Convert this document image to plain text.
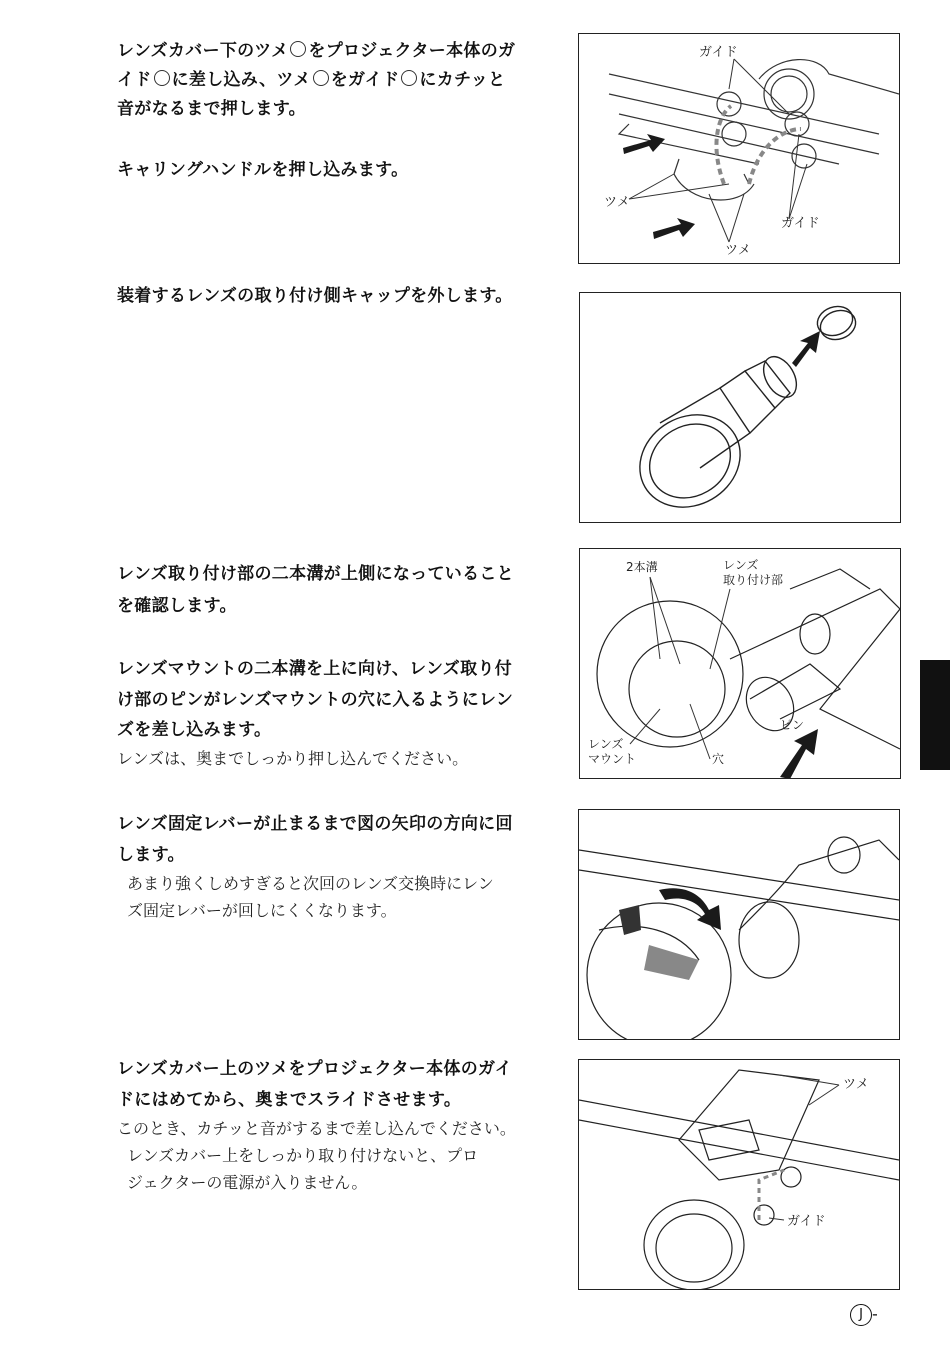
レンズカバー下のツメ をプロジェクター本体のガ
イド に差し込み、ツメ をガイド にカチッと
音がなるまで押します。
キャリングハンドルを押し込みます。
装着するレンズの取り付け側キャップを外します。
レンズ取り付け部の二本溝が上側になっていること
を確認します。
レンズマウントの二本溝を上に向け、レンズ取り付
け部のピンがレンズマウントの穴に入るようにレン
ズを差し込みます。
レンズは、奥までしっかり押し込んでください。
レンズ固定レバーが止まるまで図の矢印の方向に回
します。
あまり強くしめすぎると次回のレンズ交換時にレン
ズ固定レバーが回しにくくなります。
レンズカバー上のツメをプロジェクター本体のガイ
ドにはめてから、奥までスライドさせます。
このとき、カチッと音がするまで差し込んでください。
レンズカバー上をしっかり取り付けないと、プロ
ジェクターの電源が入りません。
ガイド
ツメ
ガイド
ツメ
2本溝	レンズ
取り付け部
レンズ
マウント	穴
ピン
ツメ
ガイド
J -
